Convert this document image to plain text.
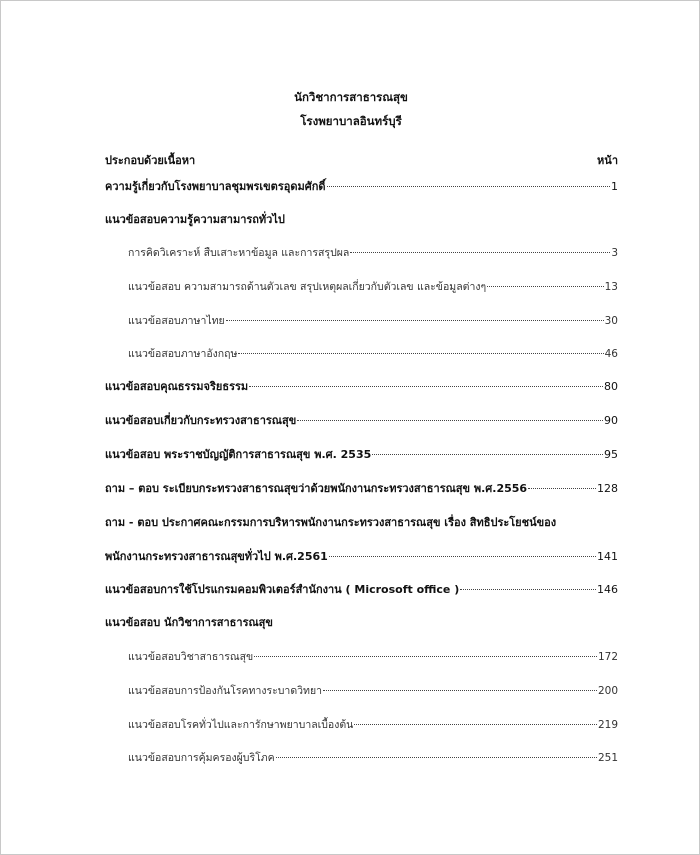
นักวิชาการสาธารณสุข
โรงพยาบาลอินทร์บุรี
ประกอบด้วยเนื้อหา	หน้า
ความรู้เกี่ยวกับโรงพยาบาลชุมพรเขตรอุดมศักดิ์	1
แนวข้อสอบความรู้ความสามารถทั่วไป
การคิดวิเคราะห์ สืบเสาะหาข้อมูล และการสรุปผล	3
แนวข้อสอบ ความสามารถด้านตัวเลข สรุปเหตุผลเกี่ยวกับตัวเลข และข้อมูลต่างๆ	13
แนวข้อสอบภาษาไทย	30
แนวข้อสอบภาษาอังกฤษ	46
แนวข้อสอบคุณธรรมจริยธรรม	80
แนวข้อสอบเกี่ยวกับกระทรวงสาธารณสุข	90
แนวข้อสอบ พระราชบัญญัติการสาธารณสุข พ.ศ. 2535	95
ถาม – ตอบ ระเบียบกระทรวงสาธารณสุขว่าด้วยพนักงานกระทรวงสาธารณสุข พ.ศ.2556	128
ถาม - ตอบ ประกาศคณะกรรมการบริหารพนักงานกระทรวงสาธารณสุข เรื่อง สิทธิประโยชน์ของ
พนักงานกระทรวงสาธารณสุขทั่วไป พ.ศ.2561	141
แนวข้อสอบการใช้โปรแกรมคอมพิวเตอร์สำนักงาน ( Microsoft office )	146
แนวข้อสอบ นักวิชาการสาธารณสุข
แนวข้อสอบวิชาสาธารณสุข	172
แนวข้อสอบการป้องกันโรคทางระบาดวิทยา	200
แนวข้อสอบโรคทั่วไปและการักษาพยาบาลเบื้องต้น	219
แนวข้อสอบการคุ้มครองผู้บริโภค	251
